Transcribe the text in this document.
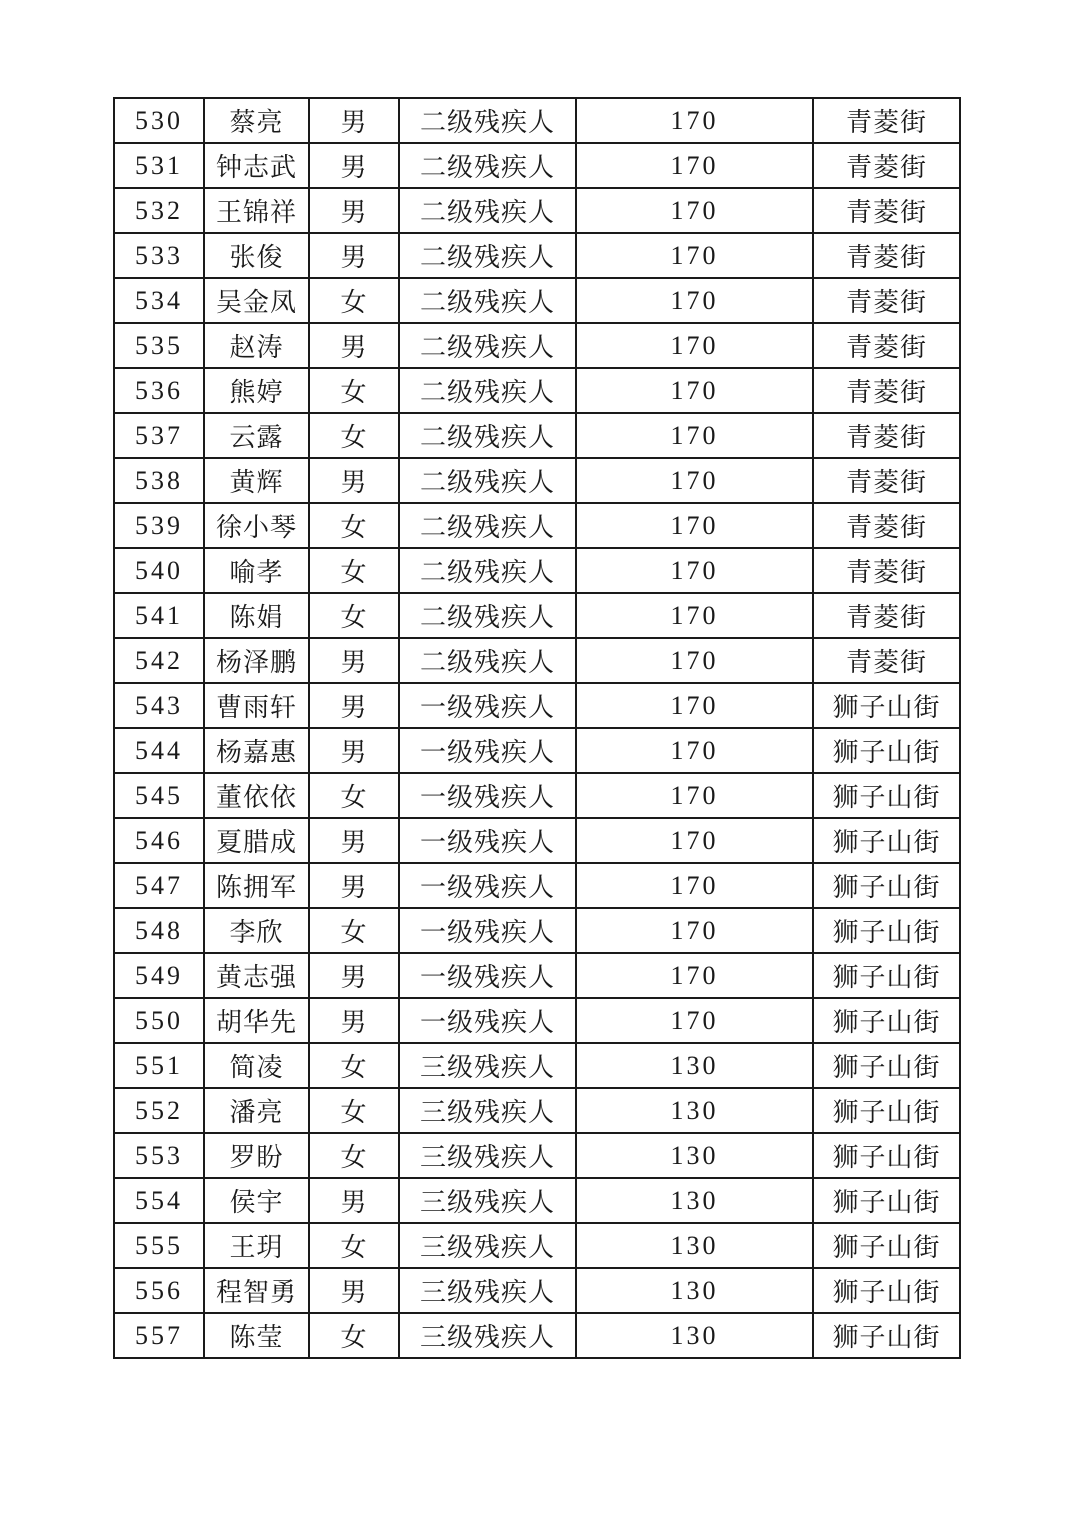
530	蔡亮	男	二级残疾人	170	青菱街
531	钟志武	男	二级残疾人	170	青菱街
532	王锦祥	男	二级残疾人	170	青菱街
533	张俊	男	二级残疾人	170	青菱街
534	吴金凤	女	二级残疾人	170	青菱街
535	赵涛	男	二级残疾人	170	青菱街
536	熊婷	女	二级残疾人	170	青菱街
537	云露	女	二级残疾人	170	青菱街
538	黄辉	男	二级残疾人	170	青菱街
539	徐小琴	女	二级残疾人	170	青菱街
540	喻孝	女	二级残疾人	170	青菱街
541	陈娟	女	二级残疾人	170	青菱街
542	杨泽鹏	男	二级残疾人	170	青菱街
543	曹雨轩	男	一级残疾人	170	狮子山街
544	杨嘉惠	男	一级残疾人	170	狮子山街
545	董依依	女	一级残疾人	170	狮子山街
546	夏腊成	男	一级残疾人	170	狮子山街
547	陈拥军	男	一级残疾人	170	狮子山街
548	李欣	女	一级残疾人	170	狮子山街
549	黄志强	男	一级残疾人	170	狮子山街
550	胡华先	男	一级残疾人	170	狮子山街
551	简凌	女	三级残疾人	130	狮子山街
552	潘亮	女	三级残疾人	130	狮子山街
553	罗盼	女	三级残疾人	130	狮子山街
554	侯宇	男	三级残疾人	130	狮子山街
555	王玥	女	三级残疾人	130	狮子山街
556	程智勇	男	三级残疾人	130	狮子山街
557	陈莹	女	三级残疾人	130	狮子山街
